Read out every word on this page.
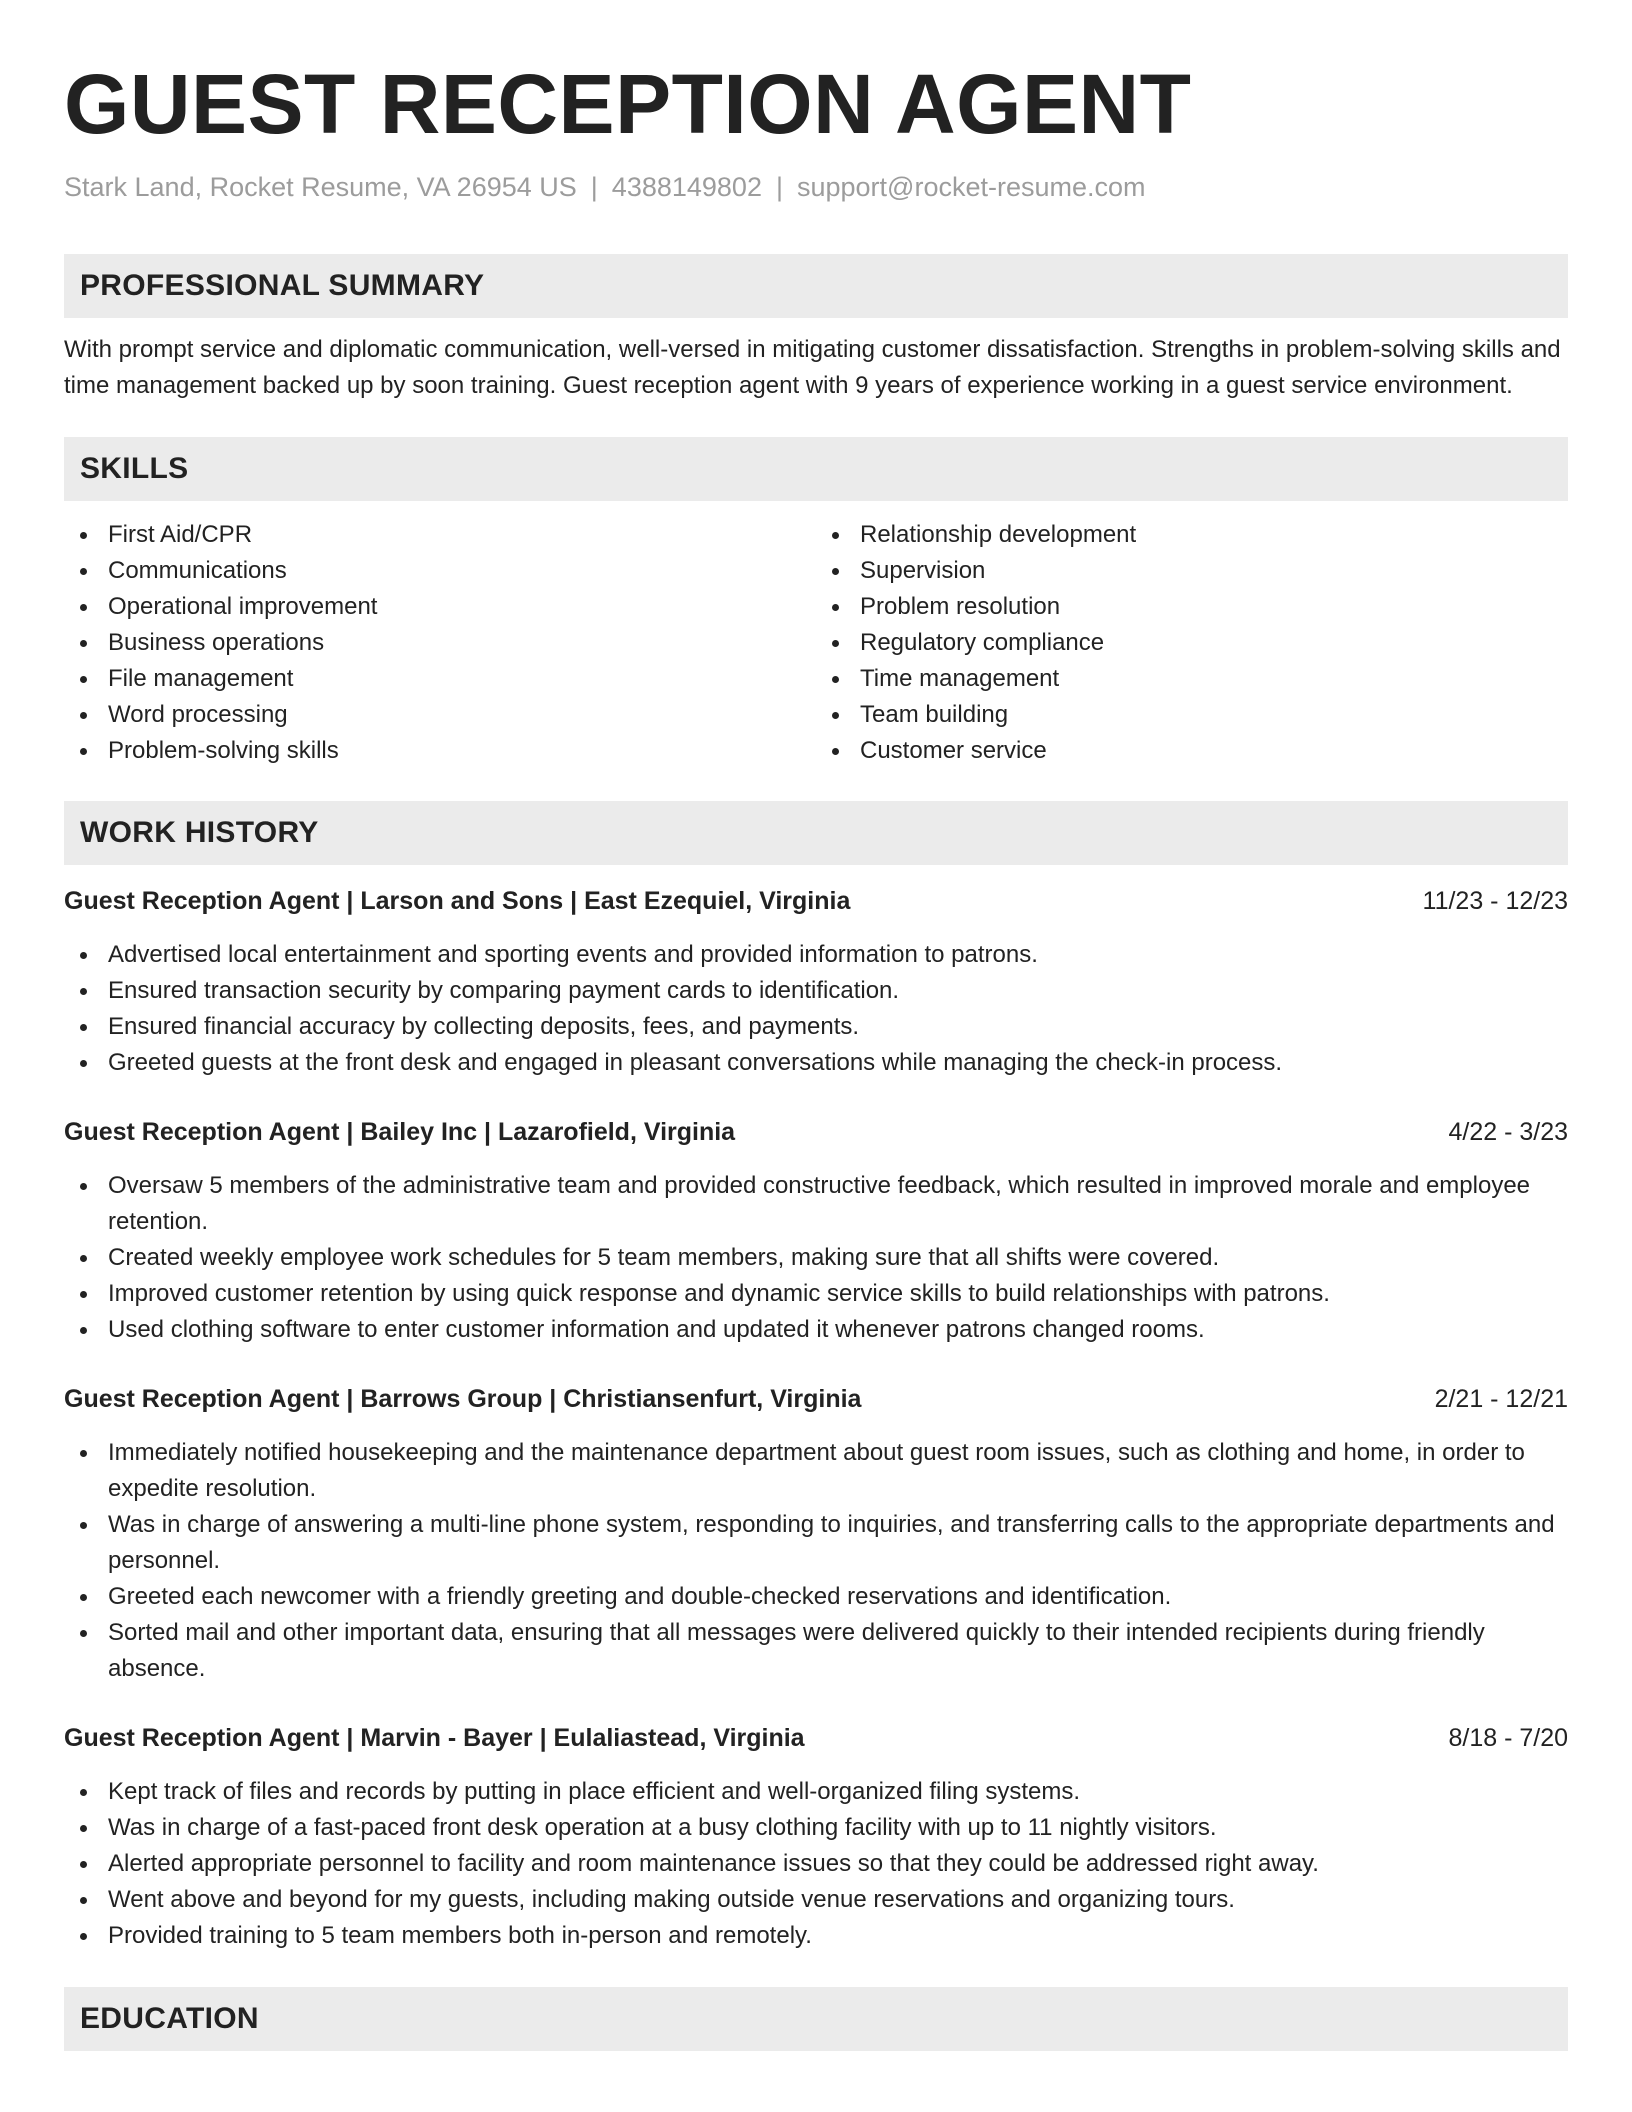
GUEST RECEPTION AGENT
Stark Land, Rocket Resume, VA 26954 US | 4388149802 | support@rocket-resume.com
PROFESSIONAL SUMMARY

With prompt service and diplomatic communication, well-versed in mitigating customer dissatisfaction. Strengths in problem-solving skills and time management backed up by soon training. Guest reception agent with 9 years of experience working in a guest service environment.

SKILLS
First Aid/CPR
Communications
Operational improvement
Business operations
File management
Word processing
Problem-solving skills
Relationship development
Supervision
Problem resolution
Regulatory compliance
Time management
Team building
Customer service
WORK HISTORY
Guest Reception Agent | Larson and Sons | East Ezequiel, Virginia	11/23 - 12/23
Advertised local entertainment and sporting events and provided information to patrons.
Ensured transaction security by comparing payment cards to identification.
Ensured financial accuracy by collecting deposits, fees, and payments.
Greeted guests at the front desk and engaged in pleasant conversations while managing the check-in process.
Guest Reception Agent | Bailey Inc | Lazarofield, Virginia	4/22 - 3/23
Oversaw 5 members of the administrative team and provided constructive feedback, which resulted in improved morale and employee retention.
Created weekly employee work schedules for 5 team members, making sure that all shifts were covered.
Improved customer retention by using quick response and dynamic service skills to build relationships with patrons.
Used clothing software to enter customer information and updated it whenever patrons changed rooms.
Guest Reception Agent | Barrows Group | Christiansenfurt, Virginia	2/21 - 12/21
Immediately notified housekeeping and the maintenance department about guest room issues, such as clothing and home, in order to expedite resolution.
Was in charge of answering a multi-line phone system, responding to inquiries, and transferring calls to the appropriate departments and personnel.
Greeted each newcomer with a friendly greeting and double-checked reservations and identification.
Sorted mail and other important data, ensuring that all messages were delivered quickly to their intended recipients during friendly absence.
Guest Reception Agent | Marvin - Bayer | Eulaliastead, Virginia	8/18 - 7/20
Kept track of files and records by putting in place efficient and well-organized filing systems.
Was in charge of a fast-paced front desk operation at a busy clothing facility with up to 11 nightly visitors.
Alerted appropriate personnel to facility and room maintenance issues so that they could be addressed right away.
Went above and beyond for my guests, including making outside venue reservations and organizing tours.
Provided training to 5 team members both in-person and remotely.
EDUCATION
